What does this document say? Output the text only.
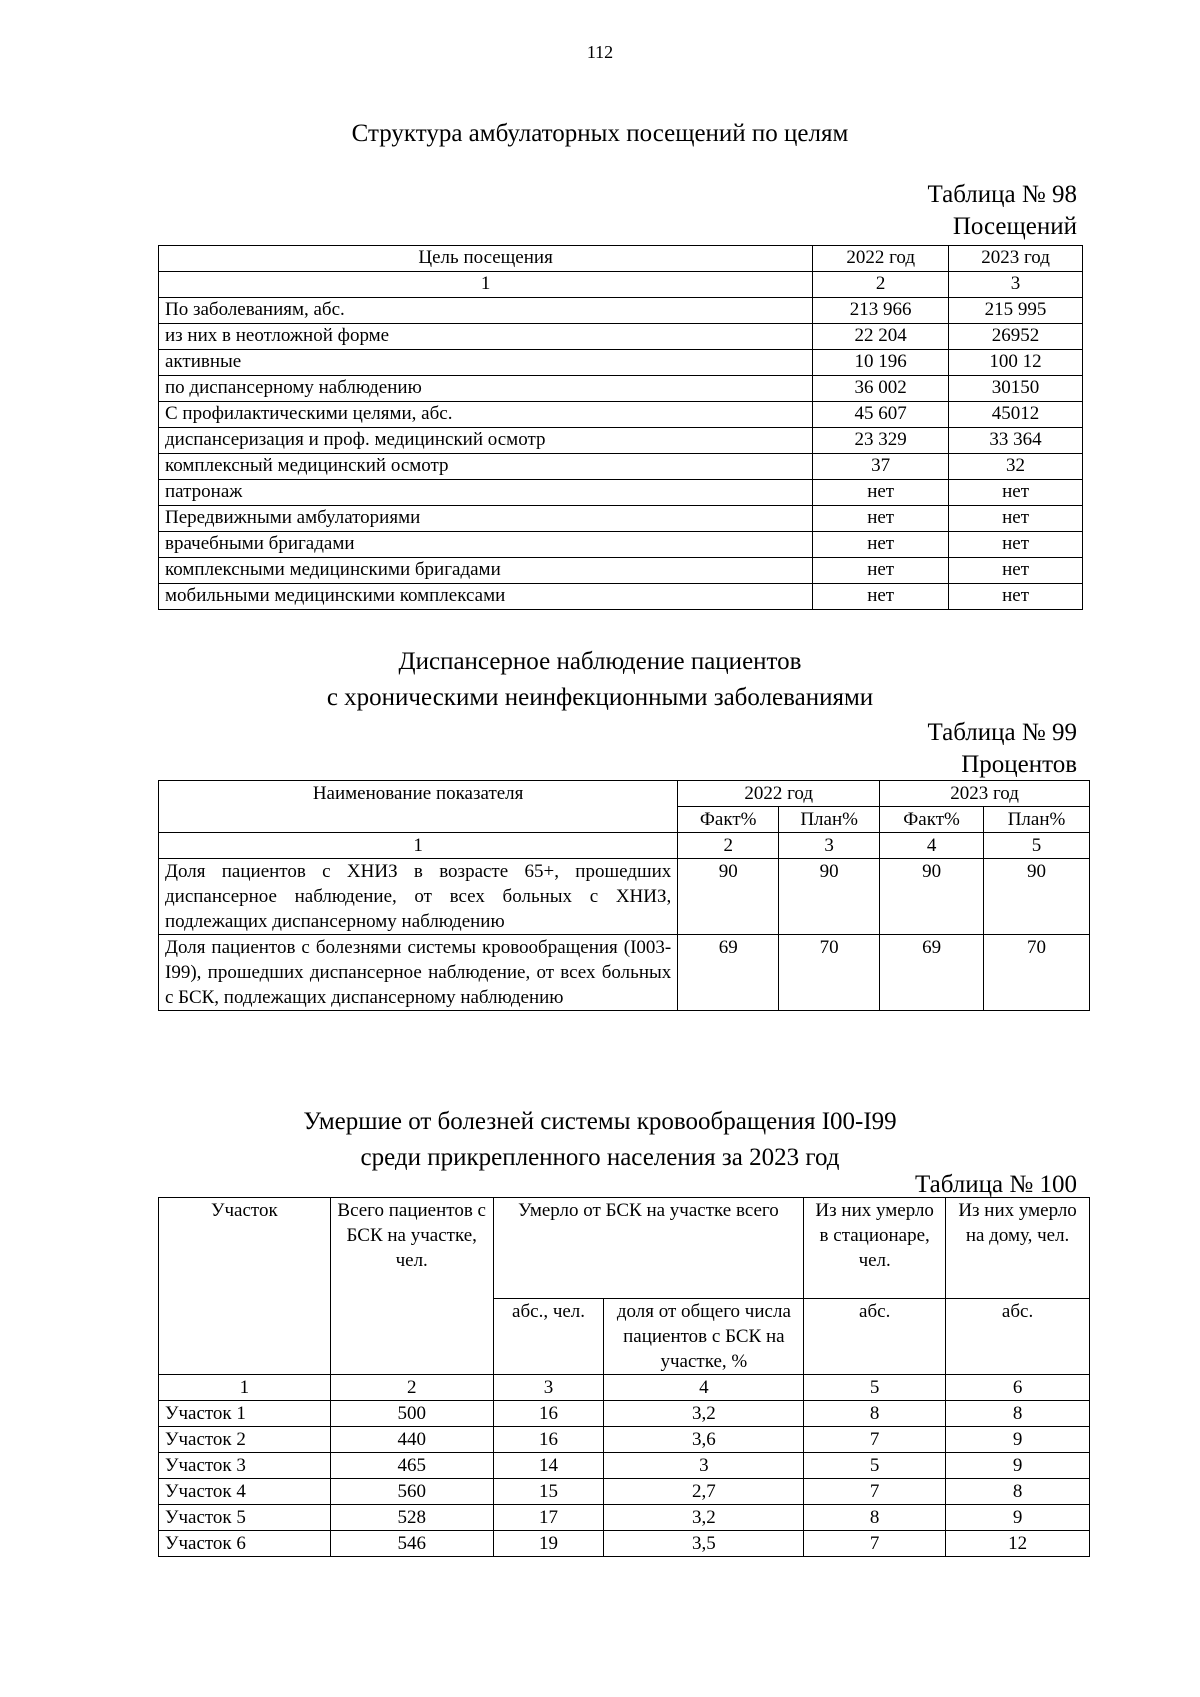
112
Структура амбулаторных посещений по целям
Таблица № 98
Посещений
Цель посещения	2022 год	2023 год
1	2	3
По заболеваниям, абс.	213 966	215 995
из них в неотложной форме	22 204	26952
активные	10 196	100 12
по диспансерному наблюдению	36 002	30150
С профилактическими целями, абс.	45 607	45012
диспансеризация и проф. медицинский осмотр	23 329	33 364
комплексный медицинский осмотр	37	32
патронаж	нет	нет
Передвижными амбулаториями	нет	нет
врачебными бригадами	нет	нет
комплексными медицинскими бригадами	нет	нет
мобильными медицинскими комплексами	нет	нет
Диспансерное наблюдение пациентов
с хроническими неинфекционными заболеваниями
Таблица № 99
Процентов
Наименование показателя	2022 год		2023 год	
	Факт%	План%	Факт%	План%
1	2	3	4	5
Доля пациентов с ХНИЗ в возрасте 65+, прошедших диспансерное наблюдение, от всех больных с ХНИЗ, подлежащих диспансерному наблюдению	90	90	90	90
Доля пациентов с болезнями системы кровообращения (I003-I99), прошедших диспансерное наблюдение, от всех больных с БСК, подлежащих диспансерному наблюдению	69	70	69	70
Умершие от болезней системы кровообращения I00-I99
среди прикрепленного населения за 2023 год
Таблица № 100
Участок	Всего пациентов с БСК на участке, чел.	Умерло от БСК на участке всего		Из них умерло в стационаре, чел.	Из них умерло на дому, чел.
		абс., чел.	доля от общего числа пациентов с БСК на участке, %	абс.	абс.
1	2	3	4	5	6
Участок 1	500	16	3,2	8	8
Участок 2	440	16	3,6	7	9
Участок 3	465	14	3	5	9
Участок 4	560	15	2,7	7	8
Участок 5	528	17	3,2	8	9
Участок 6	546	19	3,5	7	12
